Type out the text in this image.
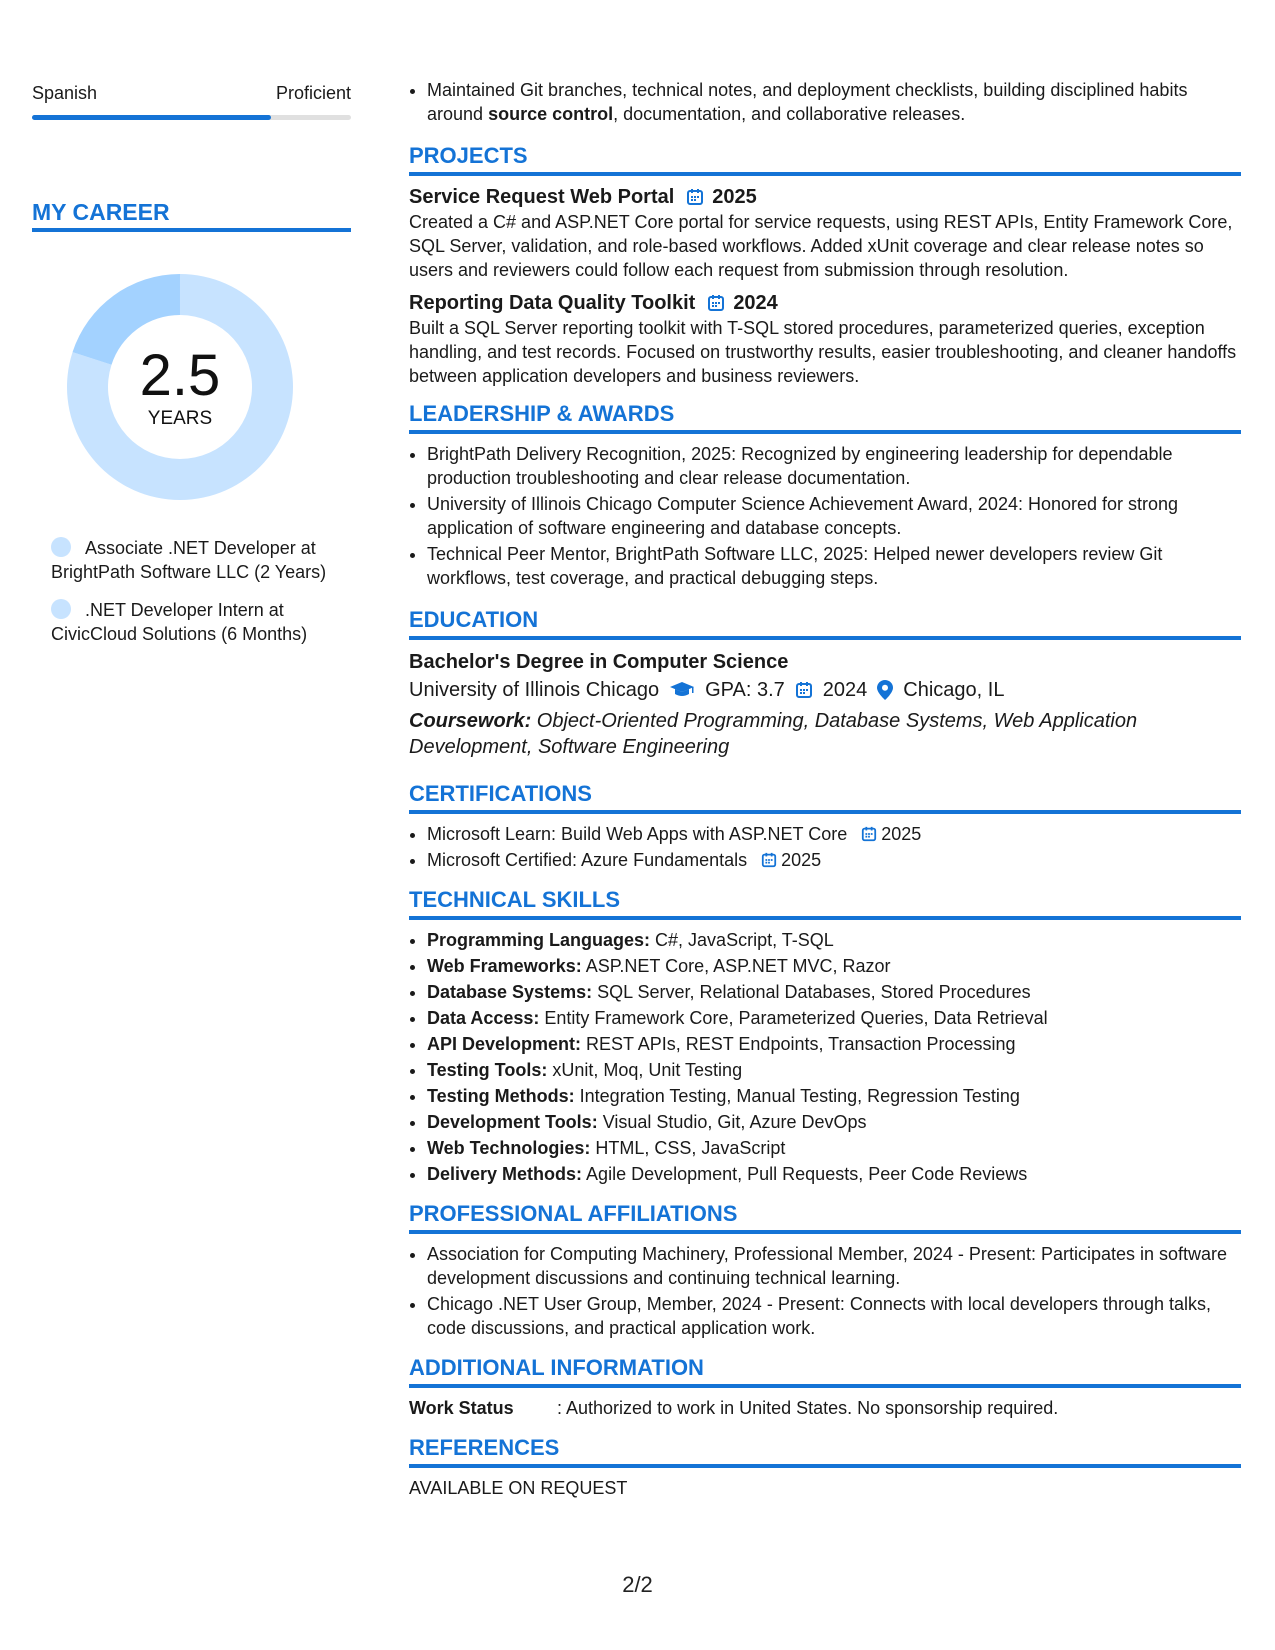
Spanish	Proficient
MY CAREER
2.5
YEARS
Associate .NET Developer at BrightPath Software LLC (2 Years)
.NET Developer Intern at CivicCloud Solutions (6 Months)
• Maintained Git branches, technical notes, and deployment checklists, building disciplined habits around source control, documentation, and collaborative releases.
PROJECTS
Service Request Web Portal 2025
Created a C# and ASP.NET Core portal for service requests, using REST APIs, Entity Framework Core, SQL Server, validation, and role-based workflows. Added xUnit coverage and clear release notes so users and reviewers could follow each request from submission through resolution.
Reporting Data Quality Toolkit 2024
Built a SQL Server reporting toolkit with T-SQL stored procedures, parameterized queries, exception handling, and test records. Focused on trustworthy results, easier troubleshooting, and cleaner handoffs between application developers and business reviewers.
LEADERSHIP & AWARDS
• BrightPath Delivery Recognition, 2025: Recognized by engineering leadership for dependable production troubleshooting and clear release documentation.
• University of Illinois Chicago Computer Science Achievement Award, 2024: Honored for strong application of software engineering and database concepts.
• Technical Peer Mentor, BrightPath Software LLC, 2025: Helped newer developers review Git workflows, test coverage, and practical debugging steps.
EDUCATION
Bachelor's Degree in Computer Science
University of Illinois Chicago GPA: 3.7 2024 Chicago, IL
Coursework: Object-Oriented Programming, Database Systems, Web Application Development, Software Engineering
CERTIFICATIONS
• Microsoft Learn: Build Web Apps with ASP.NET Core 2025
• Microsoft Certified: Azure Fundamentals 2025
TECHNICAL SKILLS
• Programming Languages: C#, JavaScript, T-SQL
• Web Frameworks: ASP.NET Core, ASP.NET MVC, Razor
• Database Systems: SQL Server, Relational Databases, Stored Procedures
• Data Access: Entity Framework Core, Parameterized Queries, Data Retrieval
• API Development: REST APIs, REST Endpoints, Transaction Processing
• Testing Tools: xUnit, Moq, Unit Testing
• Testing Methods: Integration Testing, Manual Testing, Regression Testing
• Development Tools: Visual Studio, Git, Azure DevOps
• Web Technologies: HTML, CSS, JavaScript
• Delivery Methods: Agile Development, Pull Requests, Peer Code Reviews
PROFESSIONAL AFFILIATIONS
• Association for Computing Machinery, Professional Member, 2024 - Present: Participates in software development discussions and continuing technical learning.
• Chicago .NET User Group, Member, 2024 - Present: Connects with local developers through talks, code discussions, and practical application work.
ADDITIONAL INFORMATION
Work Status	: Authorized to work in United States. No sponsorship required.
REFERENCES
AVAILABLE ON REQUEST
2/2
